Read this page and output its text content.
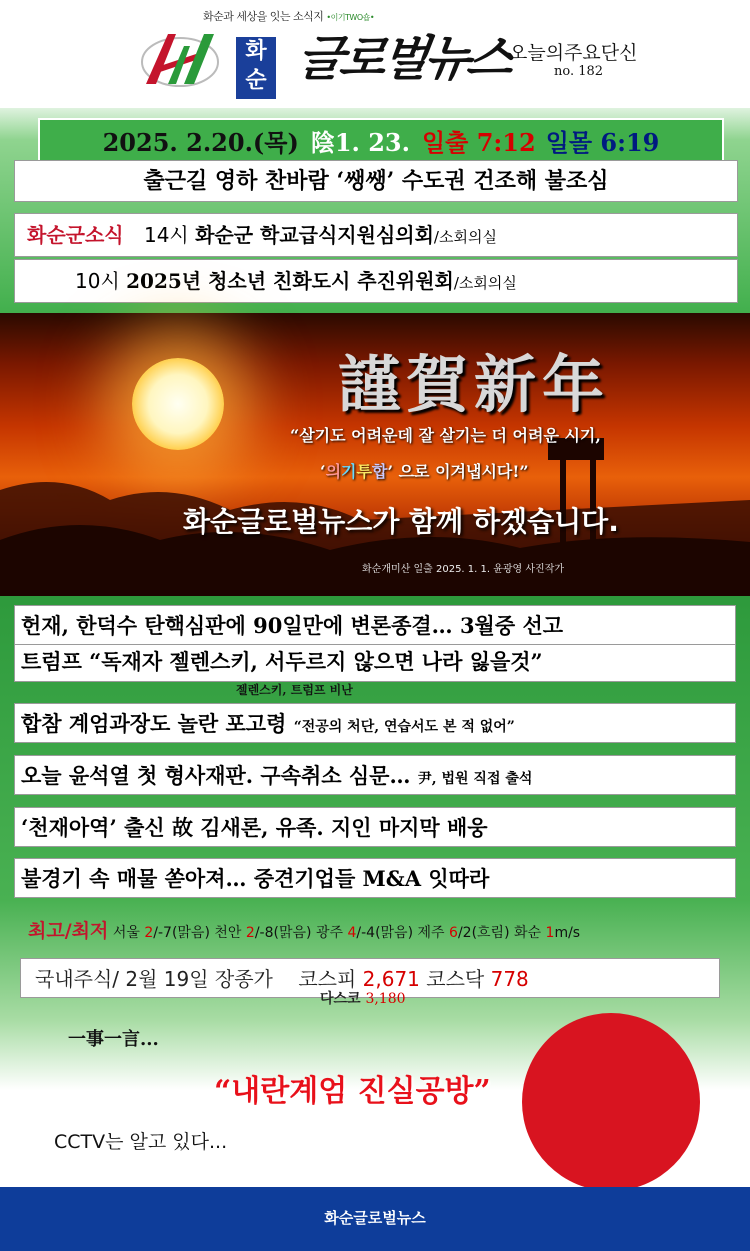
화순과 세상을 잇는 소식지 •이기TWO숍•
화
순 글로벌뉴스
오늘의주요단신
no. 182
2025. 2.20.(목) 陰1. 23. 일출 7:12 일몰 6:19
출근길 영하 찬바람 ‘쌩쌩’ 수도권 건조해 불조심
화순군소식 14시 화순군 학교급식지원심의회/소회의실
10시 2025년 청소년 친화도시 추진위원회/소회의실
謹賀新年
“살기도 어려운데 잘 살기는 더 어려운 시기,
‘의기투합’ 으로 이겨냅시다!”
화순글로벌뉴스가 함께 하겠습니다.
화순개미산 일출 2025. 1. 1. 윤광영 사진작가
헌재, 한덕수 탄핵심판에 90일만에 변론종결… 3월중 선고
트럼프 “독재자 젤렌스키, 서두르지 않으면 나라 잃을것”
젤렌스키, 트럼프 비난
합참 계엄과장도 놀란 포고령 “전공의 처단, 연습서도 본 적 없어”
오늘 윤석열 첫 형사재판. 구속취소 심문… 尹, 법원 직접 출석
‘천재아역’ 출신 故 김새론, 유족. 지인 마지막 배웅
불경기 속 매물 쏟아져… 중견기업들 M&A 잇따라
최고/최저 서울 2/-7(맑음) 천안 2/-8(맑음) 광주 4/-4(맑음) 제주 6/2(흐림) 화순 1m/s
국내주식/ 2월 19일 장종가 코스피 2,671 코스닥 778
다스코 3,180
一事一言...
“내란계엄 진실공방”
CCTV는 알고 있다...
화순글로벌뉴스
